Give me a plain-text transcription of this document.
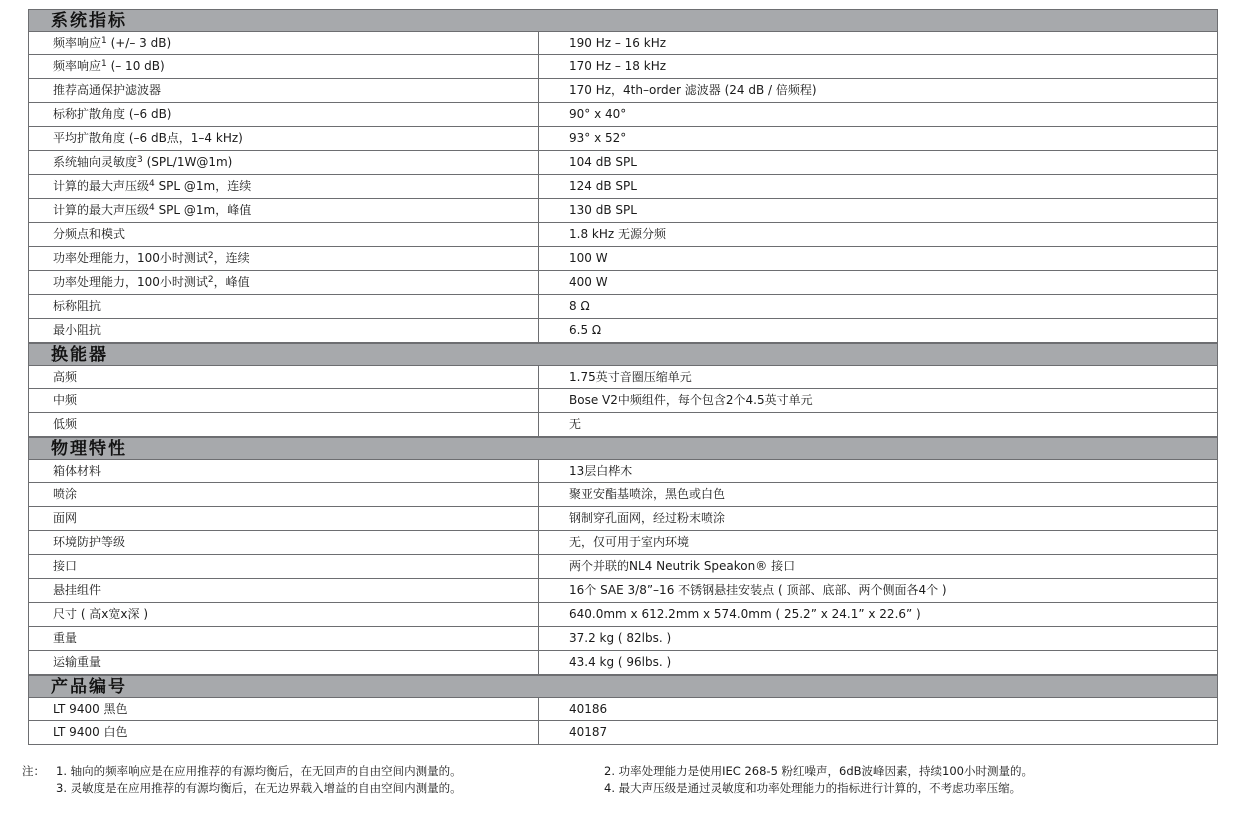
系统指标
频率响应$^1$ (+/– 3 dB)	190 Hz – 16 kHz
频率响应$^1$ (– 10 dB)	170 Hz – 18 kHz
推荐高通保护滤波器	170 Hz，4th–order 滤波器 (24 dB / 倍频程)
标称扩散角度 (–6 dB)	90° x 40°
平均扩散角度 (–6 dB点，1–4 kHz)	93° x 52°
系统轴向灵敏度$^3$ (SPL/1W@1m)	104 dB SPL
计算的最大声压级$^4$ SPL @1m，连续	124 dB SPL
计算的最大声压级$^4$ SPL @1m，峰值	130 dB SPL
分频点和模式	1.8 kHz 无源分频
功率处理能力，100小时测试$^2$，连续	100 W
功率处理能力，100小时测试$^2$，峰值	400 W
标称阻抗	8 Ω
最小阻抗	6.5 Ω
换能器
高频	1.75英寸音圈压缩单元
中频	Bose V2中频组件，每个包含2个4.5英寸单元
低频	无
物理特性
箱体材料	13层白桦木
喷涂	聚亚安酯基喷涂，黑色或白色
面网	钢制穿孔面网，经过粉末喷涂
环境防护等级	无，仅可用于室内环境
接口	两个并联的NL4 Neutrik Speakon® 接口
悬挂组件	16个 SAE 3/8”–16 不锈钢悬挂安装点 ( 顶部、底部、两个侧面各4个 )
尺寸 ( 高x宽x深 )	640.0mm x 612.2mm x 574.0mm ( 25.2” x 24.1” x 22.6” )
重量	37.2 kg ( 82lbs. )
运输重量	43.4 kg ( 96lbs. )
产品编号
LT 9400 黑色	40186
LT 9400 白色	40187
注： 1. 轴向的频率响应是在应用推荐的有源均衡后，在无回声的自由空间内测量的。	2. 功率处理能力是使用IEC 268-5 粉红噪声，6dB波峰因素，持续100小时测量的。
3. 灵敏度是在应用推荐的有源均衡后，在无边界载入增益的自由空间内测量的。	4. 最大声压级是通过灵敏度和功率处理能力的指标进行计算的，不考虑功率压缩。
